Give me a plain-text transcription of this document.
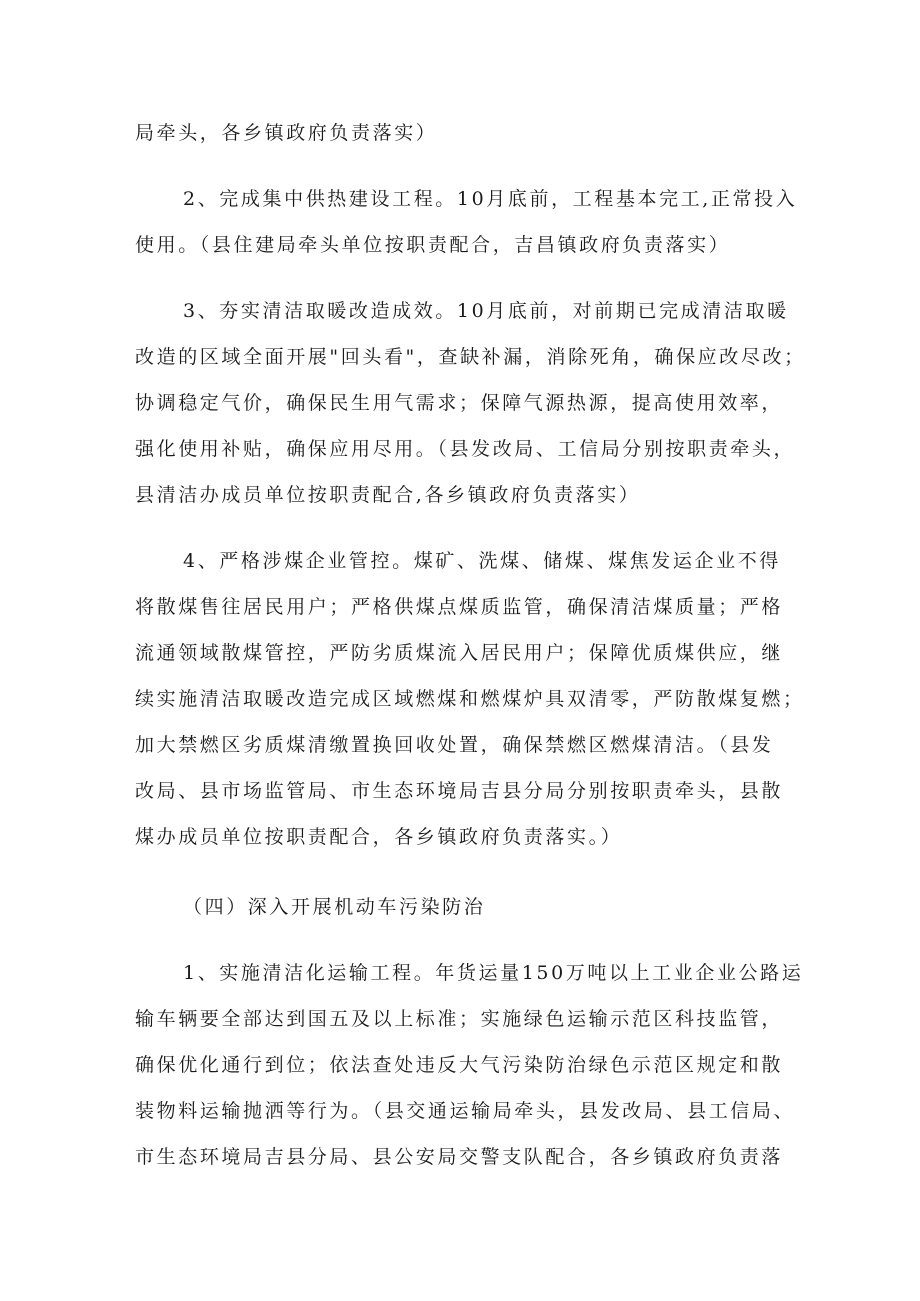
局牵头，各乡镇政府负责落实）
2、完成集中供热建设工程。10月底前，工程基本完工,正常投入
使用。（县住建局牵头单位按职责配合，吉昌镇政府负责落实）
3、夯实清洁取暖改造成效。10月底前，对前期已完成清洁取暖
改造的区域全面开展"回头看"，查缺补漏，消除死角，确保应改尽改；
协调稳定气价，确保民生用气需求；保障气源热源，提高使用效率，
强化使用补贴，确保应用尽用。（县发改局、工信局分别按职责牵头，
县清洁办成员单位按职责配合,各乡镇政府负责落实）
4、严格涉煤企业管控。煤矿、洗煤、储煤、煤焦发运企业不得
将散煤售往居民用户；严格供煤点煤质监管，确保清洁煤质量；严格
流通领域散煤管控，严防劣质煤流入居民用户；保障优质煤供应，继
续实施清洁取暖改造完成区域燃煤和燃煤炉具双清零，严防散煤复燃；
加大禁燃区劣质煤清缴置换回收处置，确保禁燃区燃煤清洁。（县发
改局、县市场监管局、市生态环境局吉县分局分别按职责牵头，县散
煤办成员单位按职责配合，各乡镇政府负责落实。）
（四）深入开展机动车污染防治
1、实施清洁化运输工程。年货运量150万吨以上工业企业公路运
输车辆要全部达到国五及以上标准；实施绿色运输示范区科技监管，
确保优化通行到位；依法查处违反大气污染防治绿色示范区规定和散
装物料运输抛洒等行为。（县交通运输局牵头，县发改局、县工信局、
市生态环境局吉县分局、县公安局交警支队配合，各乡镇政府负责落
